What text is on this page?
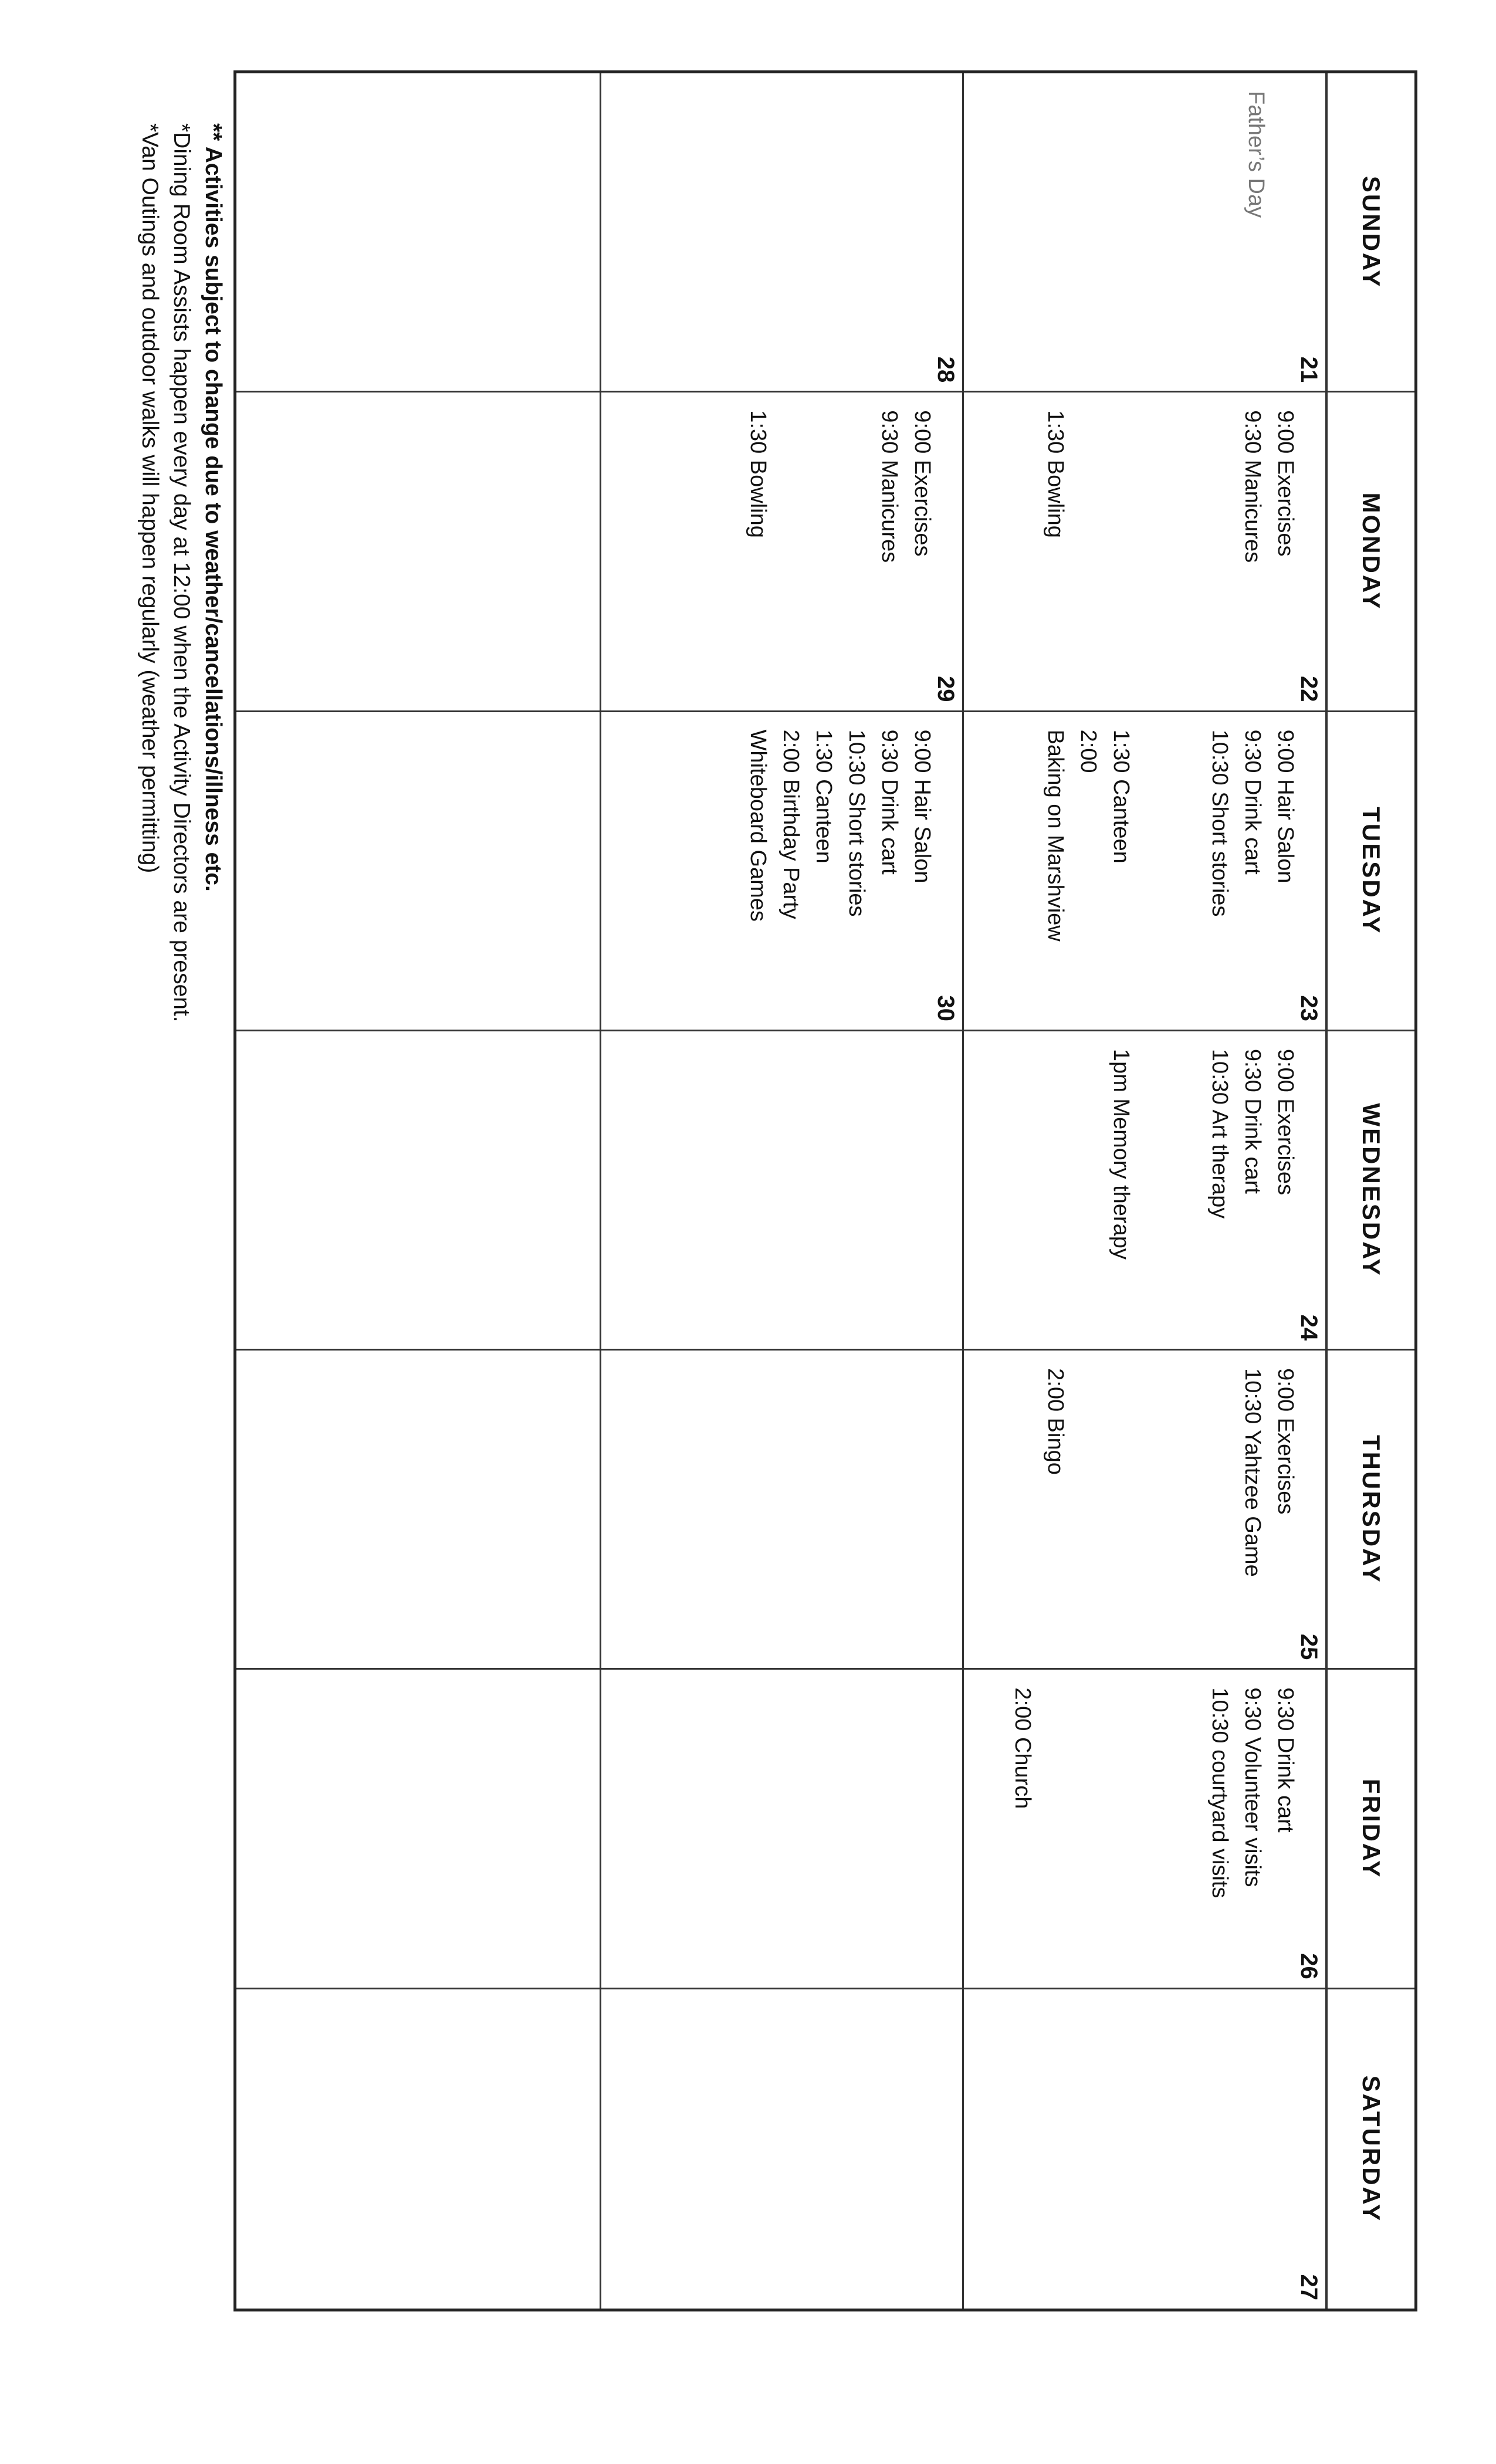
SUNDAY
MONDAY
TUESDAY
WEDNESDAY
THURSDAY
FRIDAY
SATURDAY
21
Father’s Day
22
9:00 Exercises
9:30 Manicures

1:30 Bowling
23
9:00 Hair Salon
9:30 Drink cart
10:30 Short stories

1:30 Canteen
2:00
Baking on Marshview
24
9:00 Exercises
9:30 Drink cart
10:30 Art therapy

1pm Memory therapy
25
9:00 Exercises
10:30 Yahtzee Game

2:00 Bingo
26
9:30 Drink cart
9:30 Volunteer visits
10:30 courtyard visits

2:00 Church
27
28
29
9:00 Exercises
9:30 Manicures

1:30 Bowling
30
9:00 Hair Salon
9:30 Drink cart
10:30 Short stories
1:30 Canteen
2:00 Birthday Party
Whiteboard Games
** Activities subject to change due to weather/cancellations/illness etc.
*Dining Room Assists happen every day at 12:00 when the Activity Directors are present.
*Van Outings and outdoor walks will happen regularly (weather permitting)
